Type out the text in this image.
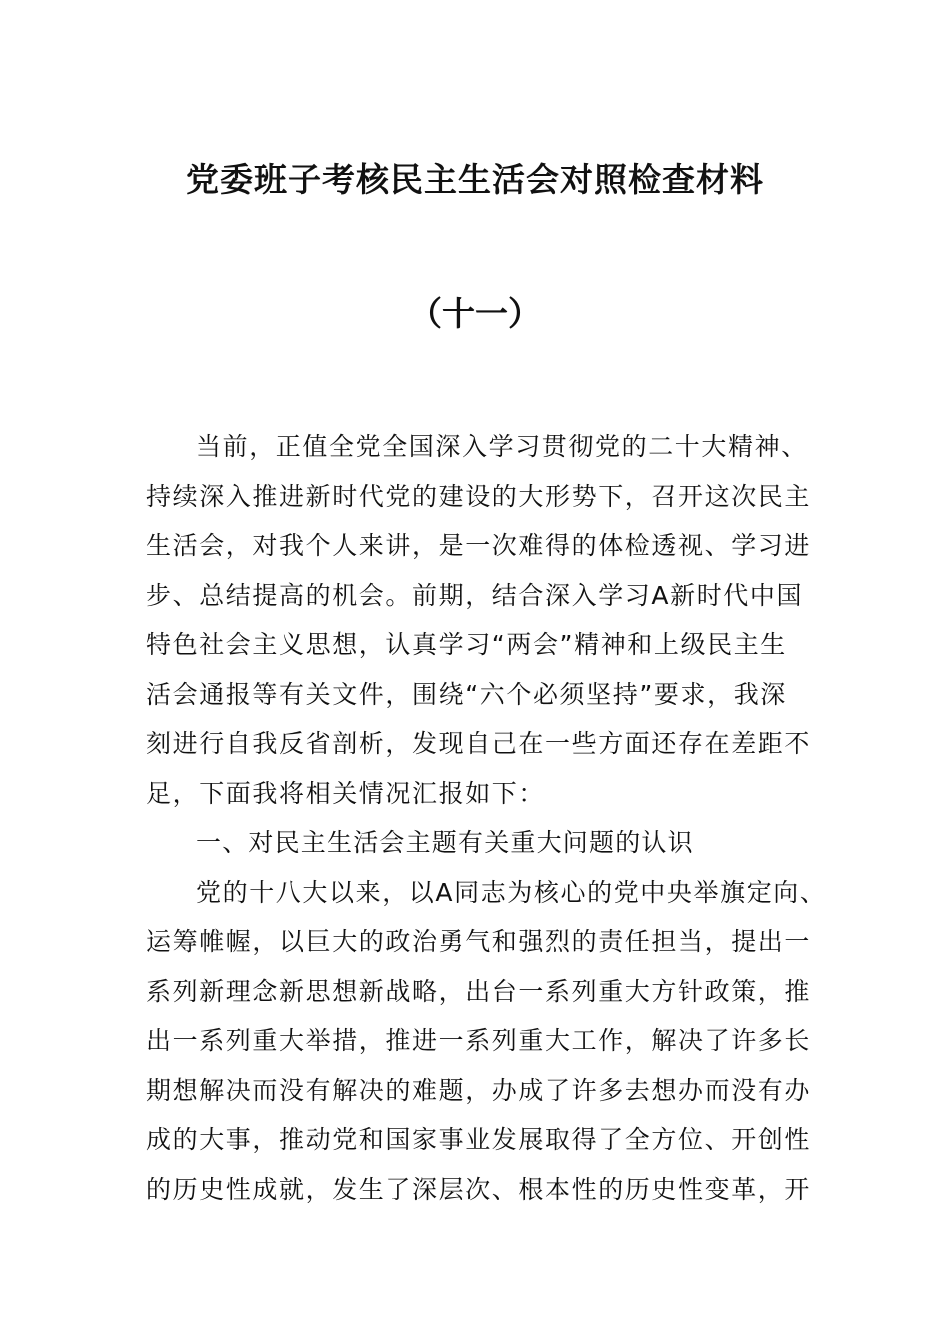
党委班子考核民主生活会对照检查材料
（十一）
当前，正值全党全国深入学习贯彻党的二十大精神、
持续深入推进新时代党的建设的大形势下，召开这次民主
生活会，对我个人来讲，是一次难得的体检透视、学习进
步、总结提高的机会。前期，结合深入学习A新时代中国
特色社会主义思想，认真学习“两会”精神和上级民主生
活会通报等有关文件，围绕“六个必须坚持”要求，我深
刻进行自我反省剖析，发现自己在一些方面还存在差距不
足，下面我将相关情况汇报如下：
一、对民主生活会主题有关重大问题的认识
党的十八大以来，以A同志为核心的党中央举旗定向、
运筹帷幄，以巨大的政治勇气和强烈的责任担当，提出一
系列新理念新思想新战略，出台一系列重大方针政策，推
出一系列重大举措，推进一系列重大工作，解决了许多长
期想解决而没有解决的难题，办成了许多去想办而没有办
成的大事，推动党和国家事业发展取得了全方位、开创性
的历史性成就，发生了深层次、根本性的历史性变革，开
